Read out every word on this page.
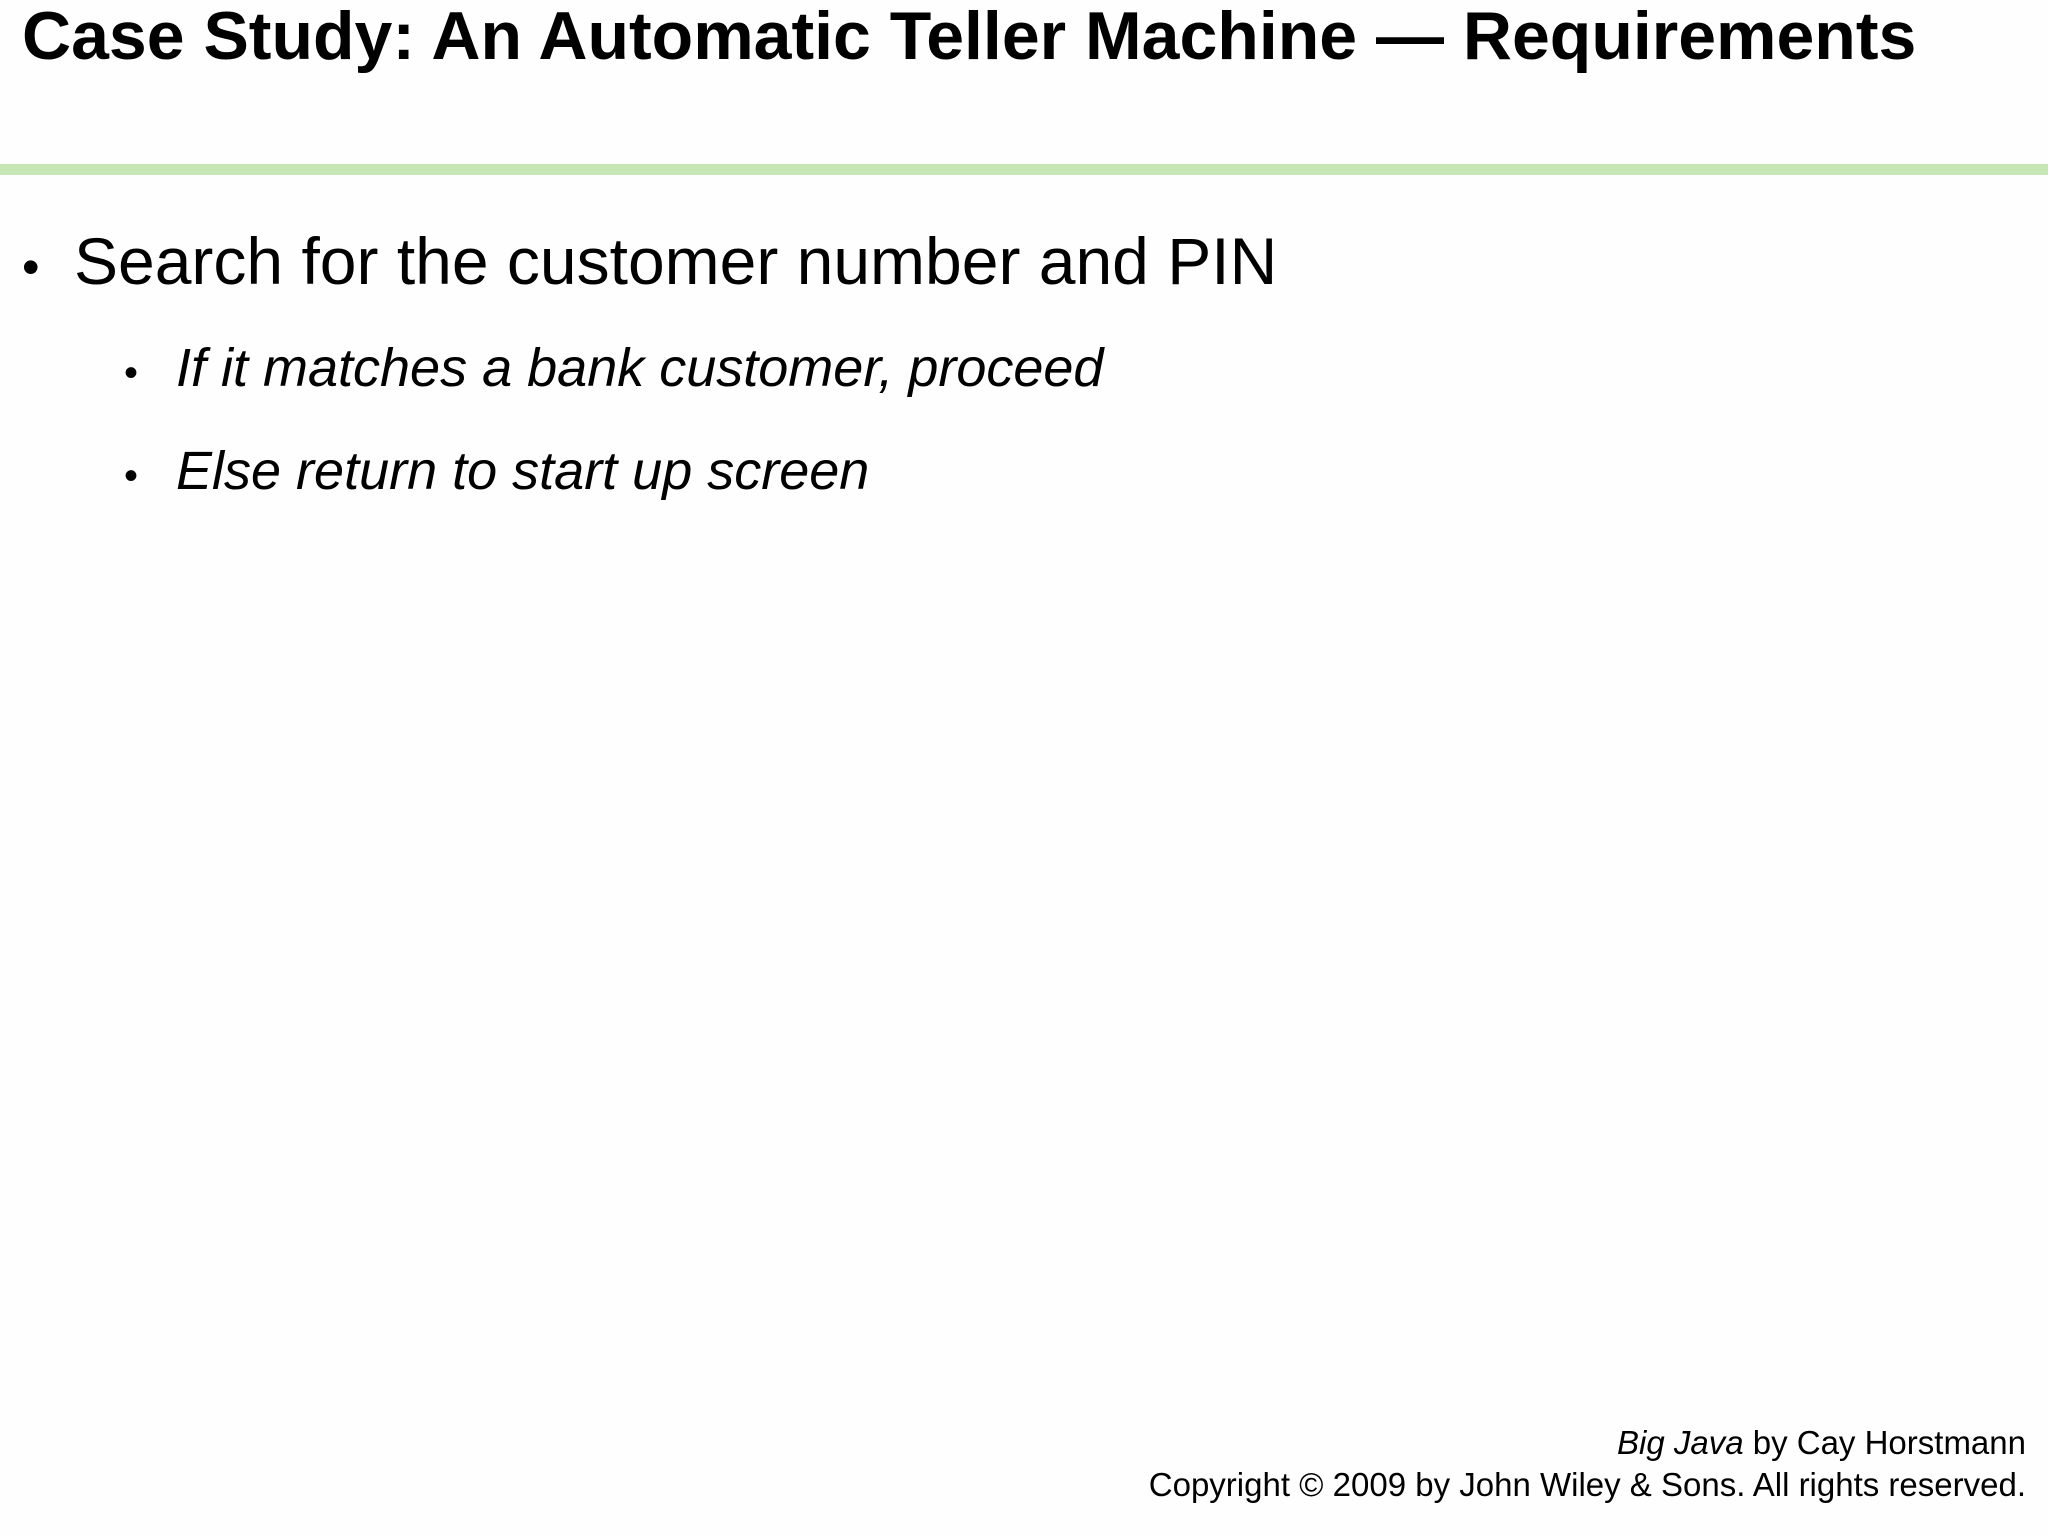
Case Study: An Automatic Teller Machine — Requirements
• Search for the customer number and PIN
• If it matches a bank customer, proceed
• Else return to start up screen
Big Java by Cay Horstmann
Copyright © 2009 by John Wiley & Sons. All rights reserved.
